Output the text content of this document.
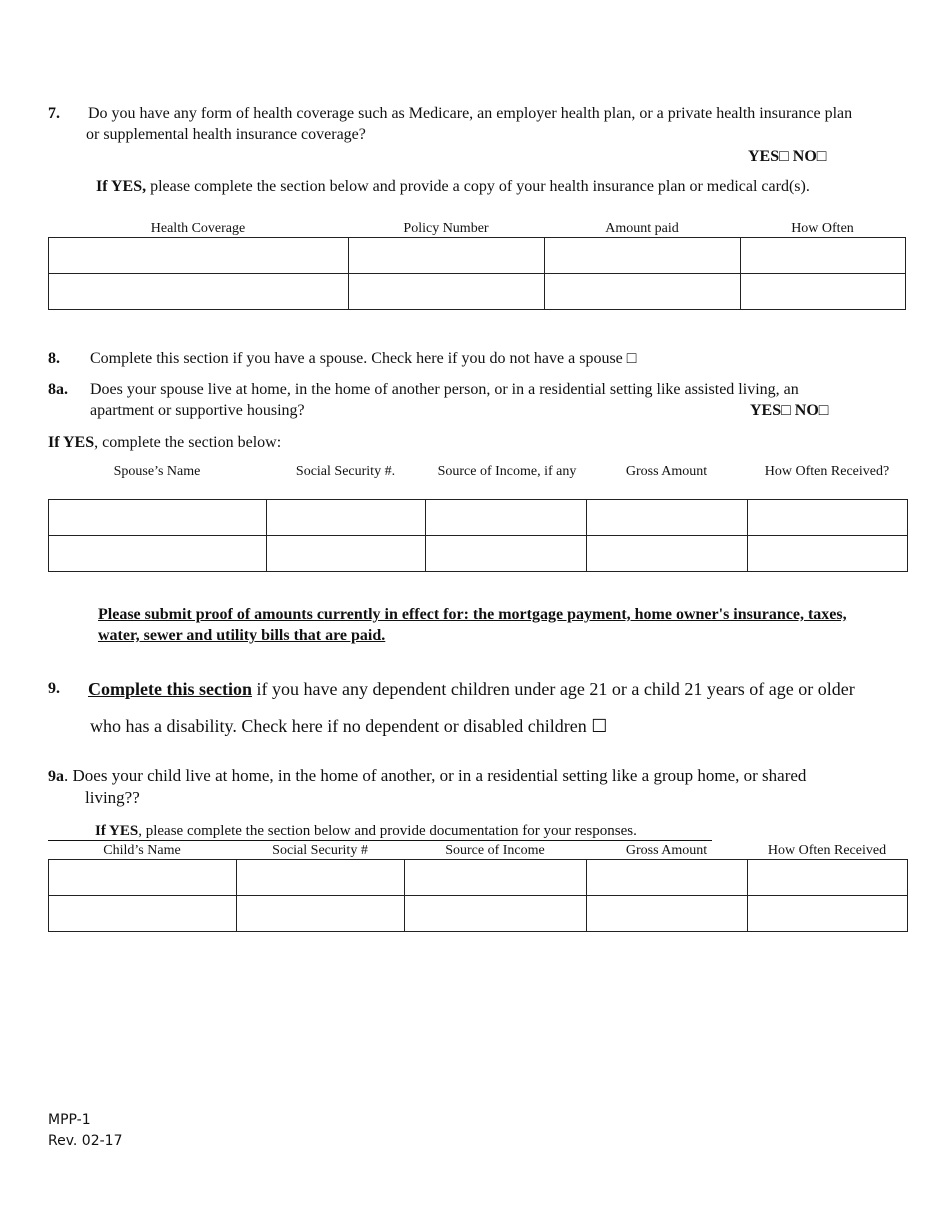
7. Do you have any form of health coverage such as Medicare, an employer health plan, or a private health insurance plan
or supplemental health insurance coverage?
YES□ NO□
If YES, please complete the section below and provide a copy of your health insurance plan or medical card(s).
Health Coverage	Policy Number	Amount paid	How Often

8. Complete this section if you have a spouse. Check here if you do not have a spouse □
8a. Does your spouse live at home, in the home of another person, or in a residential setting like assisted living, an
apartment or supportive housing?	YES□ NO□
If YES, complete the section below:
Spouse’s Name	Social Security #.	Source of Income, if any	Gross Amount	How Often Received?

Please submit proof of amounts currently in effect for: the mortgage payment, home owner's insurance, taxes,
water, sewer and utility bills that are paid.
9. Complete this section if you have any dependent children under age 21 or a child 21 years of age or older
who has a disability. Check here if no dependent or disabled children ☐
9a. Does your child live at home, in the home of another, or in a residential setting like a group home, or shared
living??
If YES, please complete the section below and provide documentation for your responses.
Child’s Name	Social Security #	Source of Income	Gross Amount	How Often Received

MPP-1
Rev. 02-17
